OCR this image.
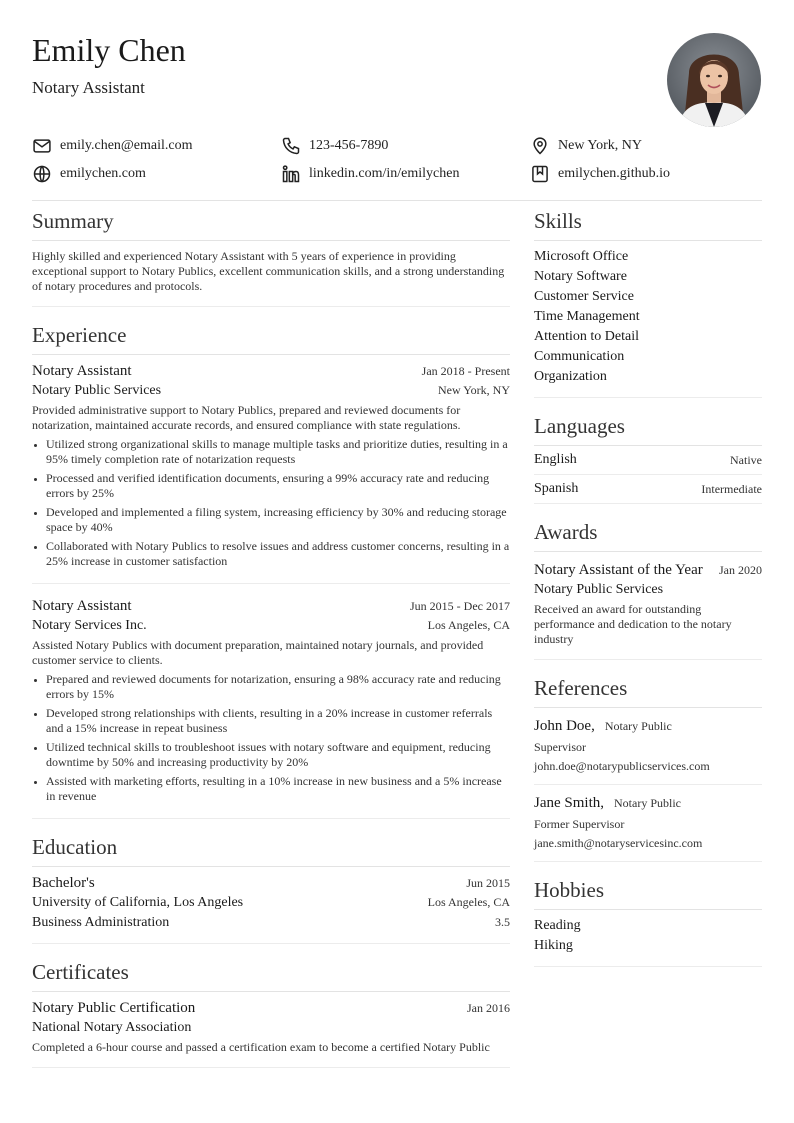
Emily Chen
Notary Assistant
emily.chen@email.com	123-456-7890	New York, NY
emilychen.com	linkedin.com/in/emilychen	emilychen.github.io
Summary
Highly skilled and experienced Notary Assistant with 5 years of experience in providing exceptional support to Notary Publics, excellent communication skills, and a strong understanding of notary procedures and protocols.
Experience
Notary Assistant	Jan 2018 - Present
Notary Public Services	New York, NY
Provided administrative support to Notary Publics, prepared and reviewed documents for notarization, maintained accurate records, and ensured compliance with state regulations.
• Utilized strong organizational skills to manage multiple tasks and prioritize duties, resulting in a 95% timely completion rate of notarization requests
• Processed and verified identification documents, ensuring a 99% accuracy rate and reducing errors by 25%
• Developed and implemented a filing system, increasing efficiency by 30% and reducing storage space by 40%
• Collaborated with Notary Publics to resolve issues and address customer concerns, resulting in a 25% increase in customer satisfaction
Notary Assistant	Jun 2015 - Dec 2017
Notary Services Inc.	Los Angeles, CA
Assisted Notary Publics with document preparation, maintained notary journals, and provided customer service to clients.
• Prepared and reviewed documents for notarization, ensuring a 98% accuracy rate and reducing errors by 15%
• Developed strong relationships with clients, resulting in a 20% increase in customer referrals and a 15% increase in repeat business
• Utilized technical skills to troubleshoot issues with notary software and equipment, reducing downtime by 50% and increasing productivity by 20%
• Assisted with marketing efforts, resulting in a 10% increase in new business and a 5% increase in revenue
Education
Bachelor's	Jun 2015
University of California, Los Angeles	Los Angeles, CA
Business Administration	3.5
Certificates
Notary Public Certification	Jan 2016
National Notary Association
Completed a 6-hour course and passed a certification exam to become a certified Notary Public
Skills
Microsoft Office
Notary Software
Customer Service
Time Management
Attention to Detail
Communication
Organization
Languages
English	Native
Spanish	Intermediate
Awards
Notary Assistant of the Year Jan 2020
Notary Public Services
Received an award for outstanding performance and dedication to the notary industry
References
John Doe, Notary Public
Supervisor
john.doe@notarypublicservices.com
Jane Smith, Notary Public
Former Supervisor
jane.smith@notaryservicesinc.com
Hobbies
Reading
Hiking
